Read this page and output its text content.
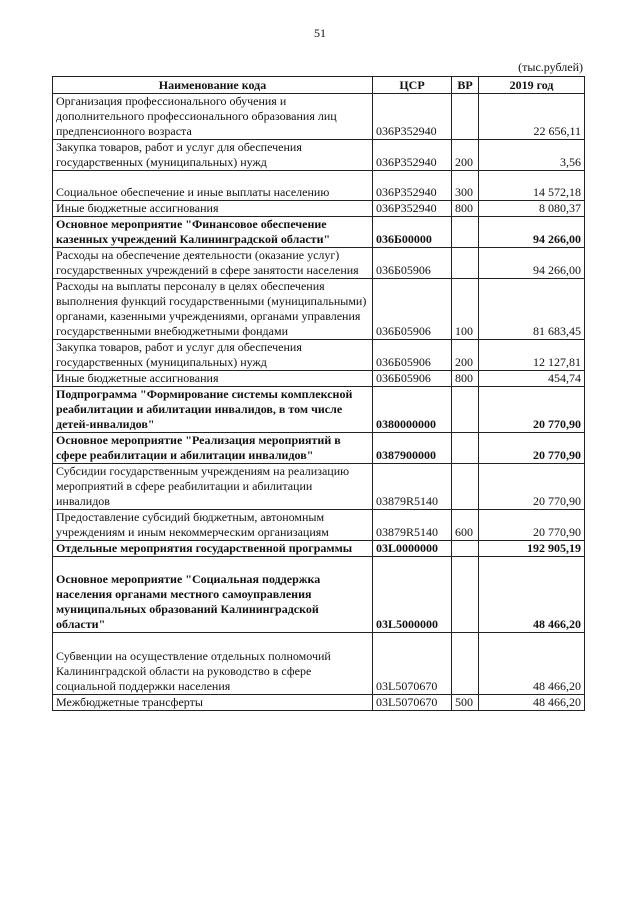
51
(тыс.рублей)
Наименование кода	ЦСР	ВР	2019 год
Организация профессионального обучения и дополнительного профессионального образования лиц предпенсионного возраста	036P352940		22 656,11
Закупка товаров, работ и услуг для обеспечения государственных (муниципальных) нужд	036P352940	200	3,56
Социальное обеспечение и иные выплаты населению	036P352940	300	14 572,18
Иные бюджетные ассигнования	036P352940	800	8 080,37
Основное мероприятие "Финансовое обеспечение казенных учреждений Калининградской области"	036Б00000		94 266,00
Расходы на обеспечение деятельности (оказание услуг) государственных учреждений в сфере занятости населения	036Б05906		94 266,00
Расходы на выплаты персоналу в целях обеспечения выполнения функций государственными (муниципальными) органами, казенными учреждениями, органами управления государственными внебюджетными фондами	036Б05906	100	81 683,45
Закупка товаров, работ и услуг для обеспечения государственных (муниципальных) нужд	036Б05906	200	12 127,81
Иные бюджетные ассигнования	036Б05906	800	454,74
Подпрограмма "Формирование системы комплексной реабилитации и абилитации инвалидов, в том числе детей-инвалидов"	0380000000		20 770,90
Основное мероприятие "Реализация мероприятий в сфере реабилитации и абилитации инвалидов"	0387900000		20 770,90
Субсидии государственным учреждениям на реализацию мероприятий в сфере реабилитации и абилитации инвалидов	03879R5140		20 770,90
Предоставление субсидий бюджетным, автономным учреждениям и иным некоммерческим организациям	03879R5140	600	20 770,90
Отдельные мероприятия государственной программы	03L0000000		192 905,19
Основное мероприятие "Социальная поддержка населения органами местного самоуправления муниципальных образований Калининградской области"	03L5000000		48 466,20
Субвенции на осуществление отдельных полномочий Калининградской области на руководство в сфере социальной поддержки населения	03L5070670		48 466,20
Межбюджетные трансферты	03L5070670	500	48 466,20
